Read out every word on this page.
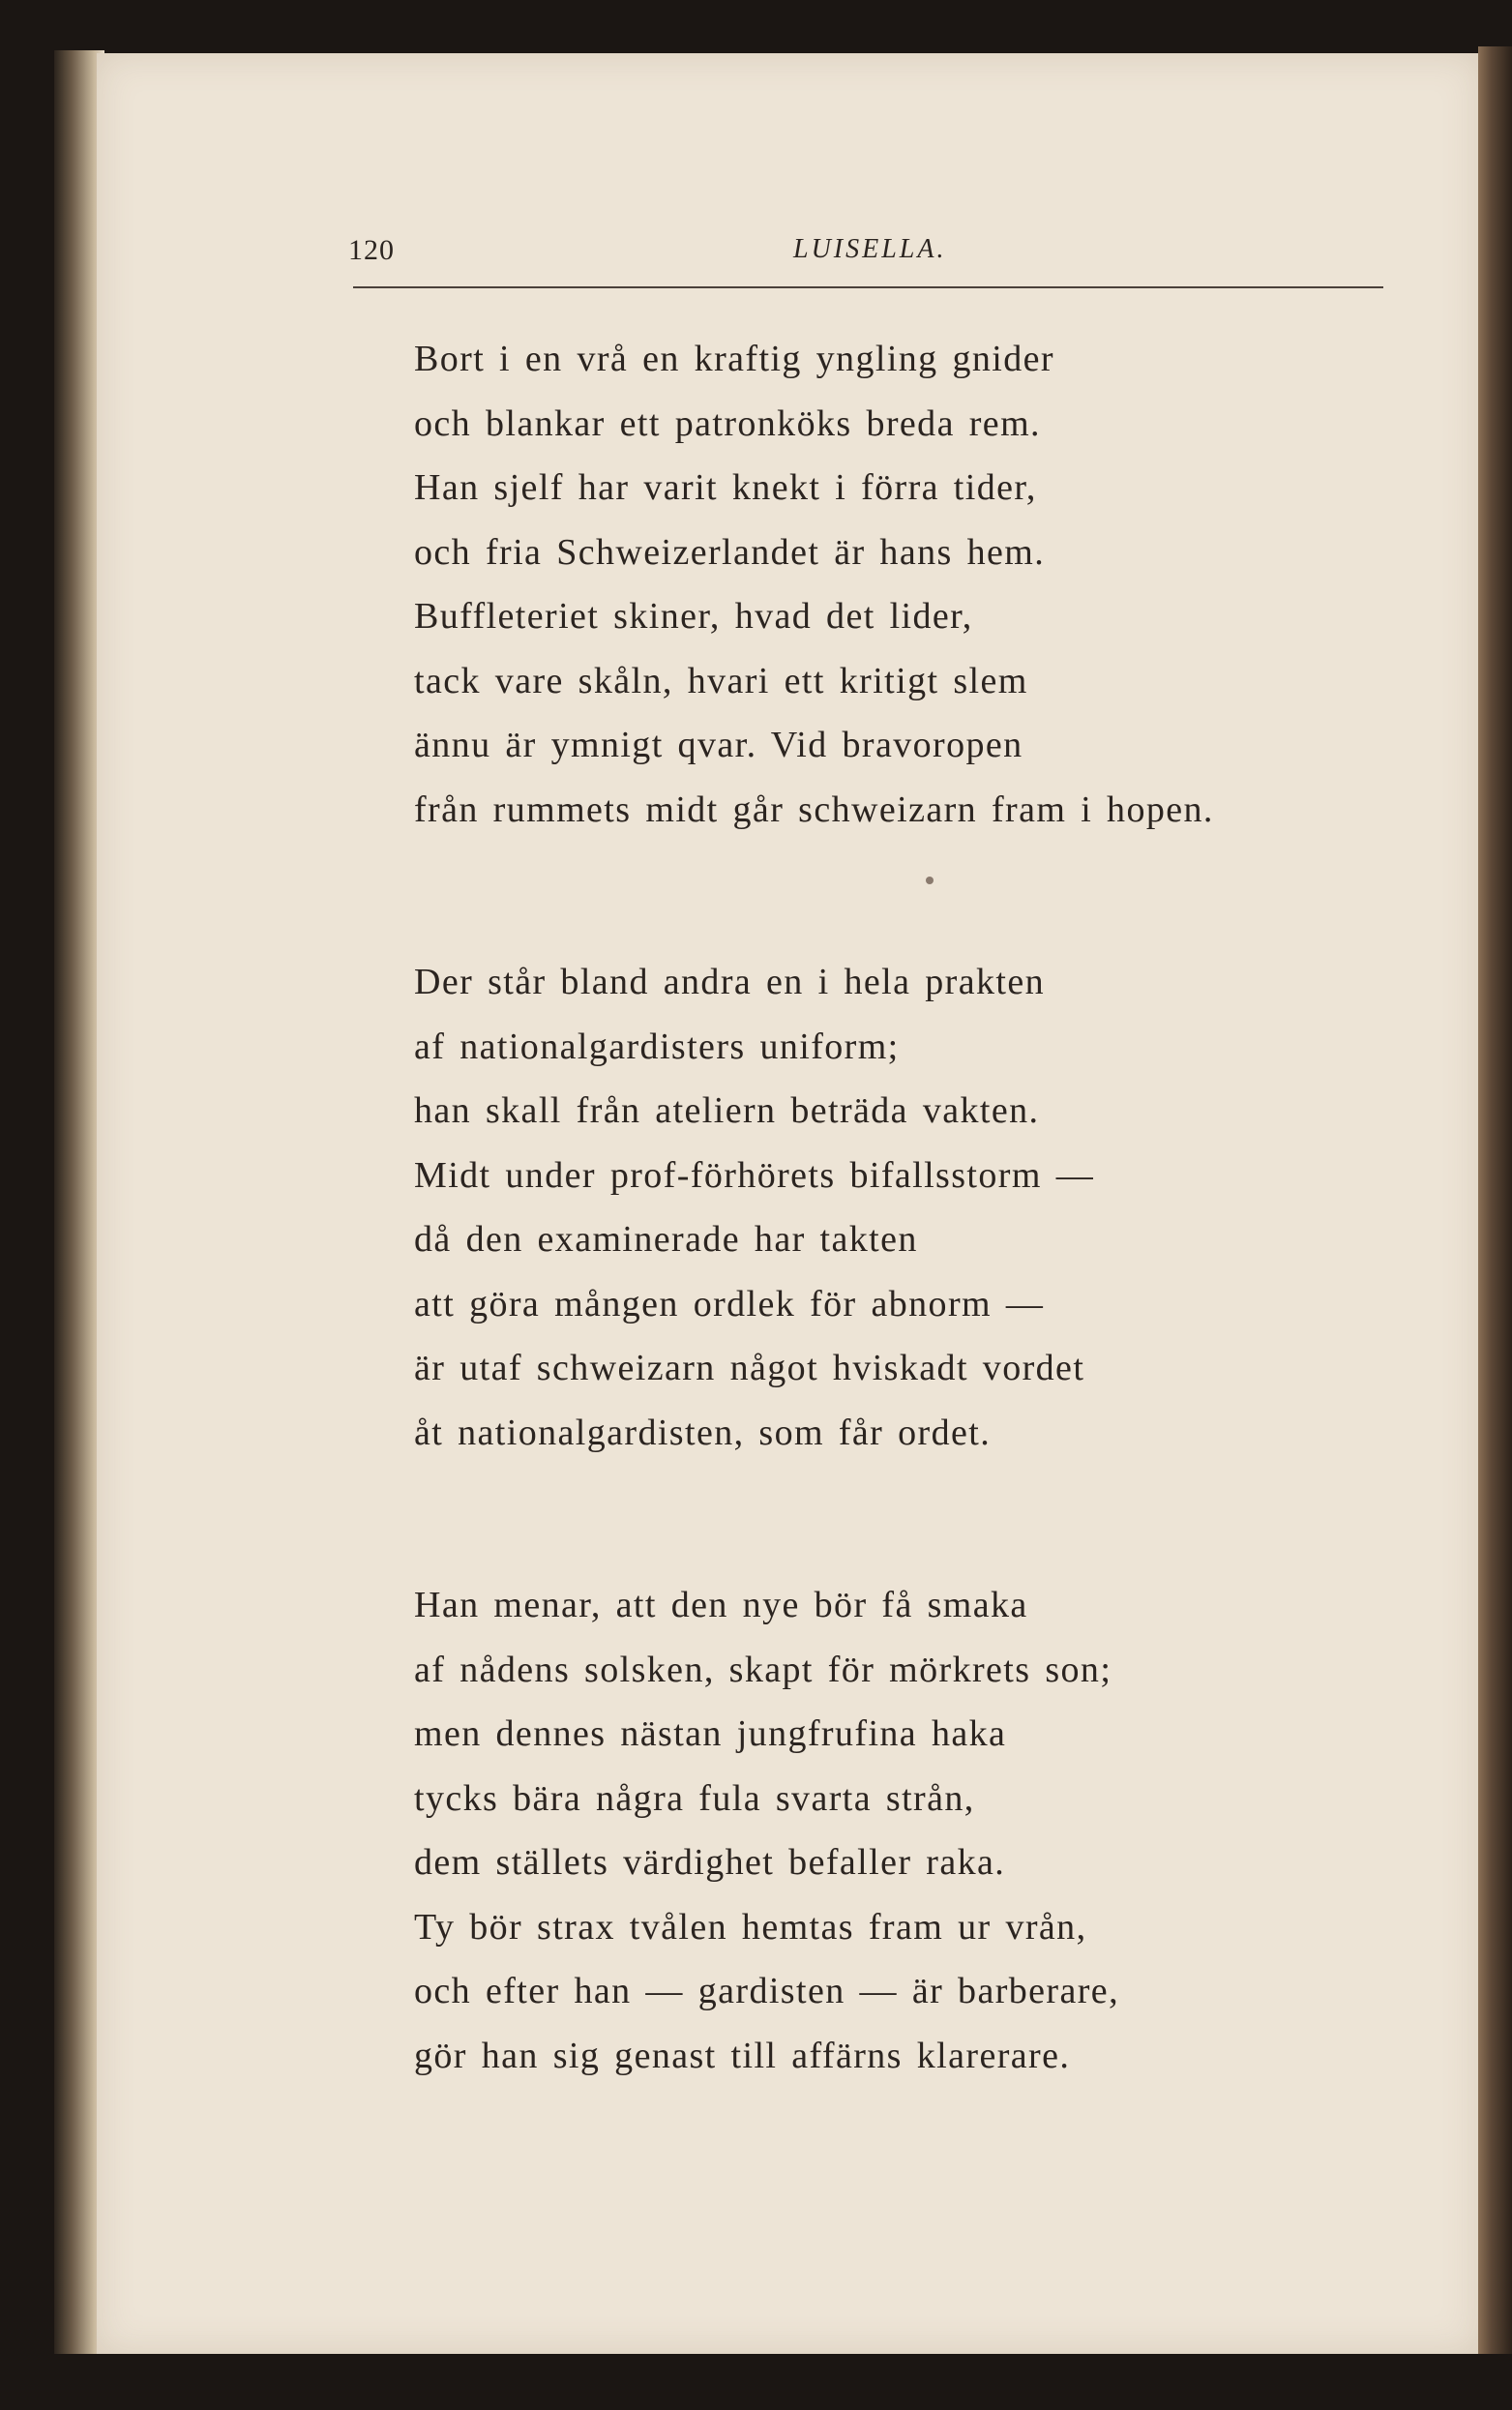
120	LUISELLA.
Bort i en vrå en kraftig yngling gnider
och blankar ett patronköks breda rem.
Han sjelf har varit knekt i förra tider,
och fria Schweizerlandet är hans hem.
Buffleteriet skiner, hvad det lider,
tack vare skåln, hvari ett kritigt slem
ännu är ymnigt qvar. Vid bravoropen
från rummets midt går schweizarn fram i hopen.
Der står bland andra en i hela prakten
af nationalgardisters uniform;
han skall från ateliern beträda vakten.
Midt under prof-förhörets bifallsstorm —
då den examinerade har takten
att göra mången ordlek för abnorm —
är utaf schweizarn något hviskadt vordet
åt nationalgardisten, som får ordet.
Han menar, att den nye bör få smaka
af nådens solsken, skapt för mörkrets son;
men dennes nästan jungfrufina haka
tycks bära några fula svarta strån,
dem ställets värdighet befaller raka.
Ty bör strax tvålen hemtas fram ur vrån,
och efter han — gardisten — är barberare,
gör han sig genast till affärns klarerare.
